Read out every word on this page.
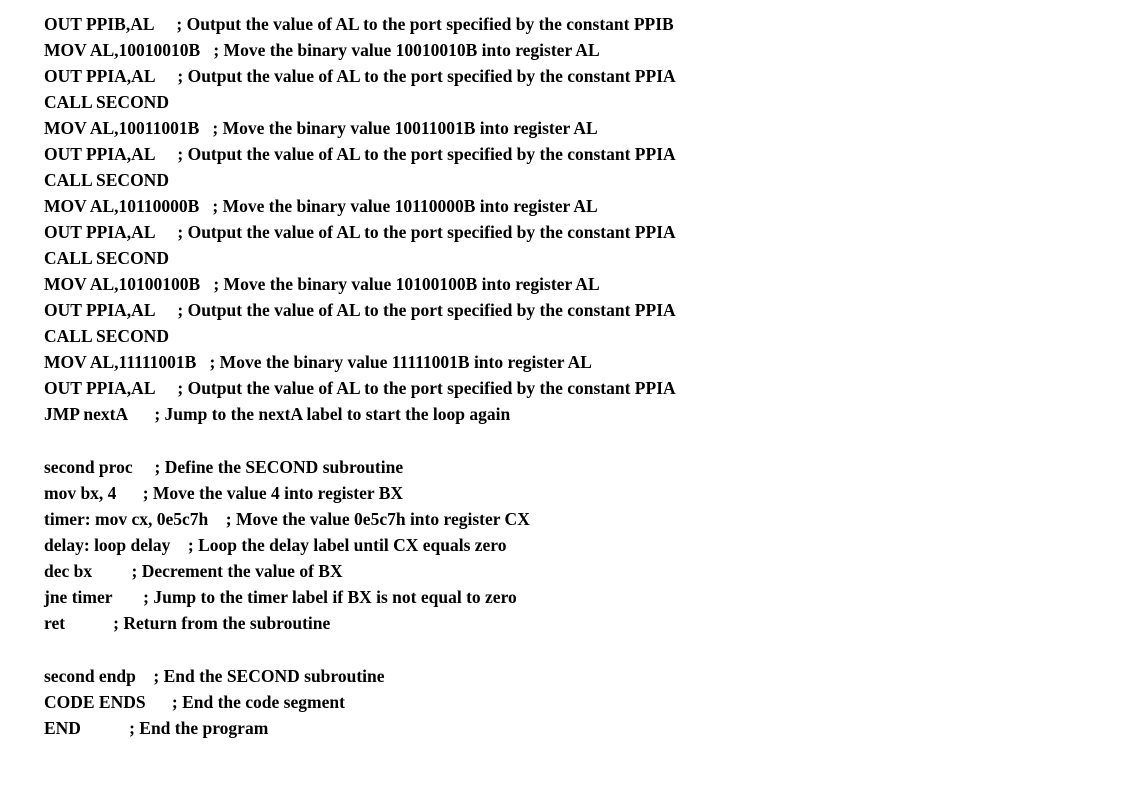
OUT PPIB,AL
; Output the value of AL to the port specified by the constant PPIB
MOV AL,10010010B
; Move the binary value 10010010B into register AL
OUT PPIA,AL
; Output the value of AL to the port specified by the constant PPIA
CALL SECOND
MOV AL,10011001B
; Move the binary value 10011001B into register AL
OUT PPIA,AL
; Output the value of AL to the port specified by the constant PPIA
CALL SECOND
MOV AL,10110000B
; Move the binary value 10110000B into register AL
OUT PPIA,AL
; Output the value of AL to the port specified by the constant PPIA
CALL SECOND
MOV AL,10100100B
; Move the binary value 10100100B into register AL
OUT PPIA,AL
; Output the value of AL to the port specified by the constant PPIA
CALL SECOND
MOV AL,11111001B
; Move the binary value 11111001B into register AL
OUT PPIA,AL
; Output the value of AL to the port specified by the constant PPIA
JMP nextA
; Jump to the nextA label to start the loop again
second proc
; Define the SECOND subroutine
mov bx, 4
; Move the value 4 into register BX
timer: mov cx, 0e5c7h
; Move the value 0e5c7h into register CX
delay: loop delay
; Loop the delay label until CX equals zero
dec bx
; Decrement the value of BX
jne timer
; Jump to the timer label if BX is not equal to zero
ret
	; Return from the subroutine
second endp
; End the SECOND subroutine
CODE ENDS
; End the code segment
END
	; End the program
